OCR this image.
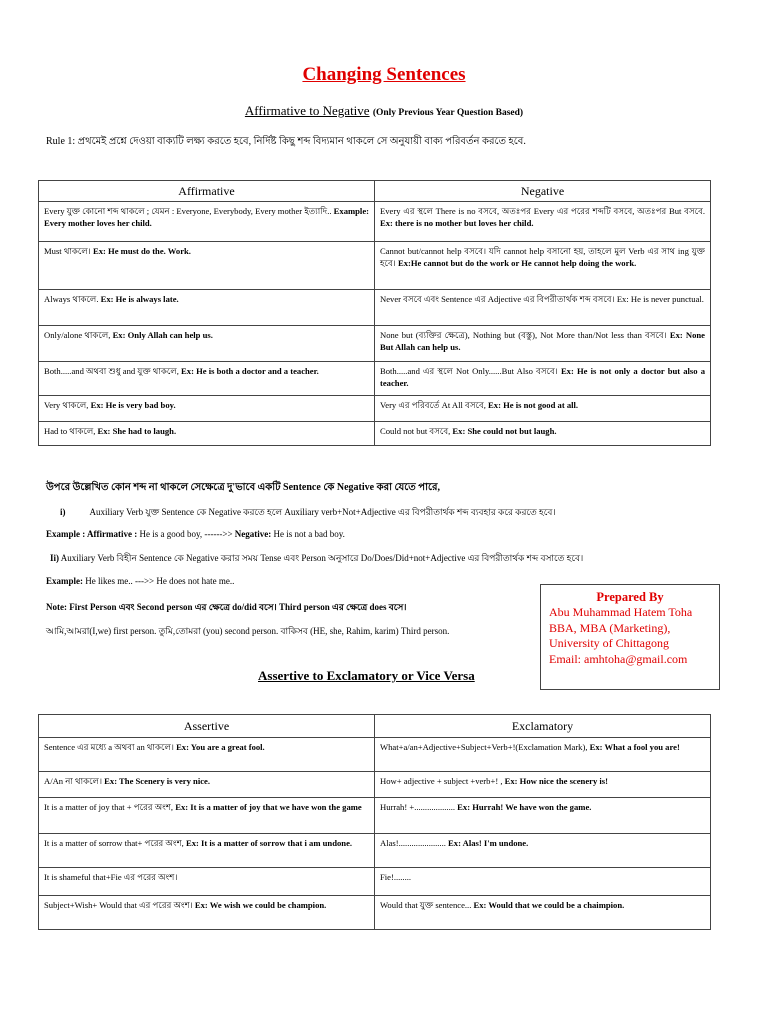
Changing Sentences
Affirmative to Negative (Only Previous Year Question Based)
Rule 1: প্রথমেই প্রশ্নে দেওয়া বাক্যটি লক্ষ্য করতে হবে, নির্দিষ্ট কিছু শব্দ বিদ্যমান থাকলে সে অনুযায়ী বাক্য পরিবর্তন করতে হবে.
Affirmative	Negative
Every যুক্ত কোনো শব্দ থাকলে ; যেমন : Everyone, Everybody, Every mother ইত্যাদি.. Example: Every mother loves her child.	Every এর স্থলে There is no বসবে, অতঃপর Every এর পরের শব্দটি বসবে, অতঃপর But বসবে. Ex: there is no mother but loves her child.
Must থাকলে। Ex: He must do the. Work.	Cannot but/cannot help বসবে। যদি cannot help বসানো হয়, তাহলে মুল Verb এর সাথ ing যুক্ত হবে। Ex:He cannot but do the work or He cannot help doing the work.
Always থাকলে. Ex: He is always late.	Never বসবে এবং Sentence এর Adjective এর বিপরীতার্থক শব্দ বসবে। Ex: He is never punctual.
Only/alone থাকলে, Ex: Only Allah can help us.	None but (ব্যক্তির ক্ষেত্রে), Nothing but (বস্তু), Not More than/Not less than বসবে। Ex: None But Allah can help us.
Both.....and অথবা শুধু and যুক্ত থাকলে, Ex: He is both a doctor and a teacher.	Both.....and এর স্থলে Not Only......But Also বসবে। Ex: He is not only a doctor but also a teacher.
Very থাকলে, Ex: He is very bad boy.	Very এর পরিবর্তে At All বসবে, Ex: He is not good at all.
Had to থাকলে, Ex: She had to laugh.	Could not but বসবে, Ex: She could not but laugh.
উপরে উল্লেখিত কোন শব্দ না থাকলে সেক্ষেত্রে দু'ভাবে একটি Sentence কে Negative করা যেতে পারে,
i)	Auxiliary Verb যুক্ত Sentence কে Negative করতে হলে Auxiliary verb+Not+Adjective এর বিপরীতার্থক শব্দ ব্যবহার করে করতে হবে।
Example : Affirmative : He is a good boy, ------>> Negative: He is not a bad boy.
Ii) Auxiliary Verb বিহীন Sentence কে Negative করার সময় Tense এবং Person অনুসারে Do/Does/Did+not+Adjective এর বিপরীতার্থক শব্দ বসাতে হবে।
Example: He likes me.. --->> He does not hate me..
Note: First Person এবং Second person এর ক্ষেত্রে do/did বসে। Third person এর ক্ষেত্রে does বসে।
আমি,আমরা(I,we) first person. তুমি,তোমরা (you) second person. বাকিসব (HE, she, Rahim, karim) Third person.
Prepared By
Abu Muhammad Hatem Toha
BBA, MBA (Marketing),
University of Chittagong
Email: amhtoha@gmail.com
Assertive to Exclamatory or Vice Versa
Assertive	Exclamatory
Sentence এর মধ্যে a অথবা an থাকলে। Ex: You are a great fool.	What+a/an+Adjective+Subject+Verb+!(Exclamation Mark), Ex: What a fool you are!
A/An না থাকলে। Ex: The Scenery is very nice.	How+ adjective + subject +verb+! , Ex: How nice the scenery is!
It is a matter of joy that + পরের অংশ, Ex: It is a matter of joy that we have won the game	Hurrah! +................... Ex: Hurrah! We have won the game.
It is a matter of sorrow that+ পরের অংশ, Ex: It is a matter of sorrow that i am undone.	Alas!...................... Ex: Alas! I'm undone.
It is shameful that+Fie এর পরের অংশ।	Fie!........
Subject+Wish+ Would that এর পরের অংশ। Ex: We wish we could be champion.	Would that যুক্ত sentence... Ex: Would that we could be a chaimpion.
